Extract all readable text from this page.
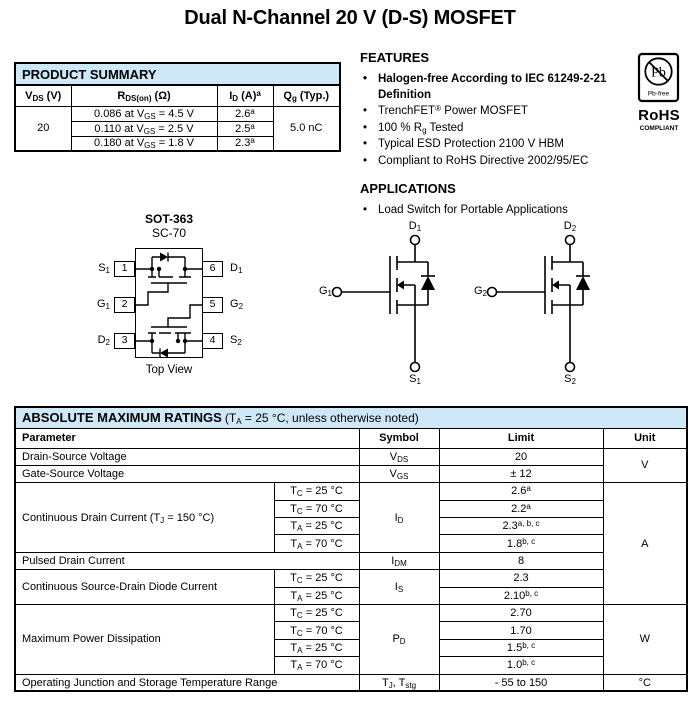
Dual N-Channel 20 V (D-S) MOSFET
PRODUCT SUMMARY			
$V_{DS}$ (V)	$R_{DS(on)}$ (Ω)	$I_D$ $(A)^a$	$Q_g$ (Typ.)
20	0.086 at $V_{GS} = 4.5$ V	2.6$^a$	5.0 nC
	0.110 at $V_{GS} = 2.5$ V	2.5$^a$
	0.180 at $V_{GS} = 1.8$ V	2.3$^a$
FEATURES
• Halogen-free According to IEC 61249-2-21 Definition
• TrenchFET® Power MOSFET
• 100 % $R_g$ Tested
• Typical ESD Protection 2100 V HBM
• Compliant to RoHS Directive 2002/95/EC
APPLICATIONS
• Load Switch for Portable Applications
Pb
Pb-free
RoHS
COMPLIANT
SOT-363
SC-70
1
2
3
6
5
4
$S_1$
$G_1$
$D_2$
$D_1$
$G_2$
$S_2$
Top View
$D_1$
$G_1$
$S_1$
$D_2$
$G_2$
$S_2$
ABSOLUTE MAXIMUM RATINGS ($T_A = 25$ °C, unless otherwise noted)				
Parameter		Symbol	Limit	Unit
Drain-Source Voltage		$V_{DS}$	20	V
Gate-Source Voltage		$V_{GS}$	± 12	
Continuous Drain Current ($T_J = 150$ °C)	$T_C = 25$ °C	$I_D$	2.6$^a$	A
	$T_C = 70$ °C		2.2$^a$
	$T_A = 25$ °C		2.3$^{a, b, c}$
	$T_A = 70$ °C		1.8$^{b, c}$
Pulsed Drain Current		$I_{DM}$	8	
Continuous Source-Drain Diode Current	$T_C = 25$ °C	$I_S$	2.3	
	$T_A = 25$ °C		2.10$^{b, c}$
Maximum Power Dissipation	$T_C = 25$ °C	$P_D$	2.70	W
	$T_C = 70$ °C		1.70	
	$T_A = 25$ °C		1.5$^{b, c}$
	$T_A = 70$ °C		1.0$^{b, c}$
Operating Junction and Storage Temperature Range		$T_J$, $T_{stg}$	- 55 to 150	°C
